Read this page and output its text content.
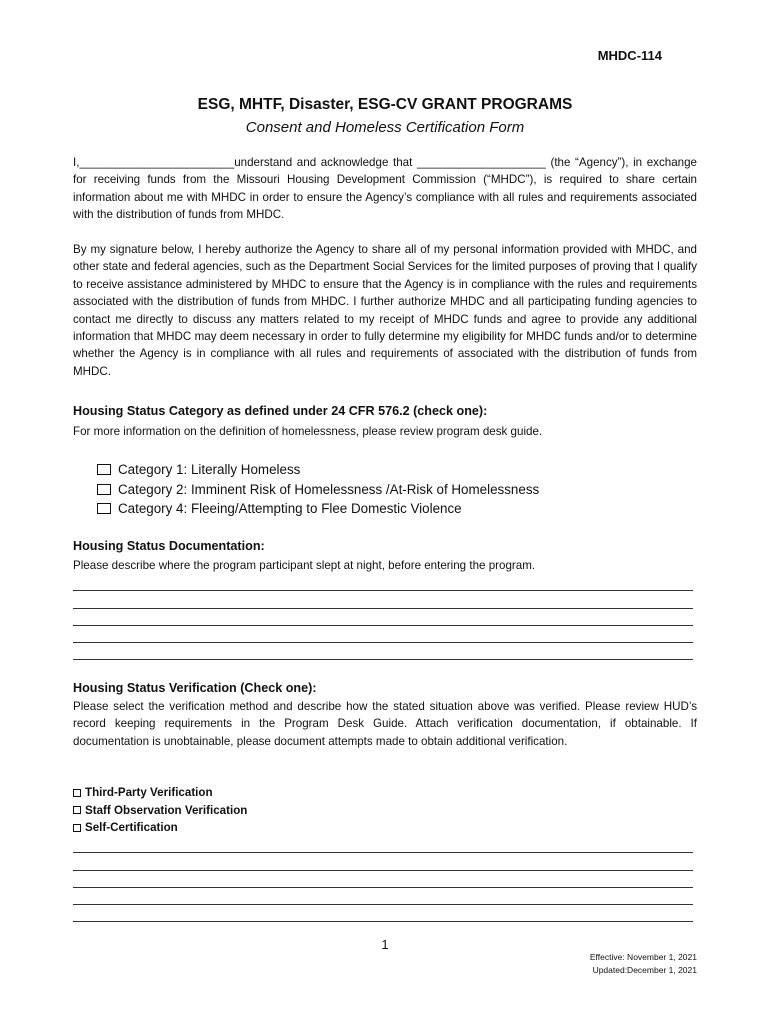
MHDC-114
ESG, MHTF, Disaster, ESG-CV GRANT PROGRAMS
Consent and Homeless Certification Form
I,________________________understand and acknowledge that ____________________ (the “Agency”), in exchange for receiving funds from the Missouri Housing Development Commission (“MHDC”), is required to share certain information about me with MHDC in order to ensure the Agency’s compliance with all rules and requirements associated with the distribution of funds from MHDC.
By my signature below, I hereby authorize the Agency to share all of my personal information provided with MHDC, and other state and federal agencies, such as the Department Social Services for the limited purposes of proving that I qualify to receive assistance administered by MHDC to ensure that the Agency is in compliance with the rules and requirements associated with the distribution of funds from MHDC. I further authorize MHDC and all participating funding agencies to contact me directly to discuss any matters related to my receipt of MHDC funds and agree to provide any additional information that MHDC may deem necessary in order to fully determine my eligibility for MHDC funds and/or to determine whether the Agency is in compliance with all rules and requirements of associated with the distribution of funds from MHDC.
Housing Status Category as defined under 24 CFR 576.2 (check one):
For more information on the definition of homelessness, please review program desk guide.
Category 1: Literally Homeless
Category 2: Imminent Risk of Homelessness /At-Risk of Homelessness
Category 4: Fleeing/Attempting to Flee Domestic Violence
Housing Status Documentation:
Please describe where the program participant slept at night, before entering the program.
Housing Status Verification (Check one):
Please select the verification method and describe how the stated situation above was verified. Please review HUD’s record keeping requirements in the Program Desk Guide. Attach verification documentation, if obtainable. If documentation is unobtainable, please document attempts made to obtain additional verification.
Third-Party Verification
Staff Observation Verification
Self-Certification
1
Effective: November 1, 2021
Updated:December 1, 2021
